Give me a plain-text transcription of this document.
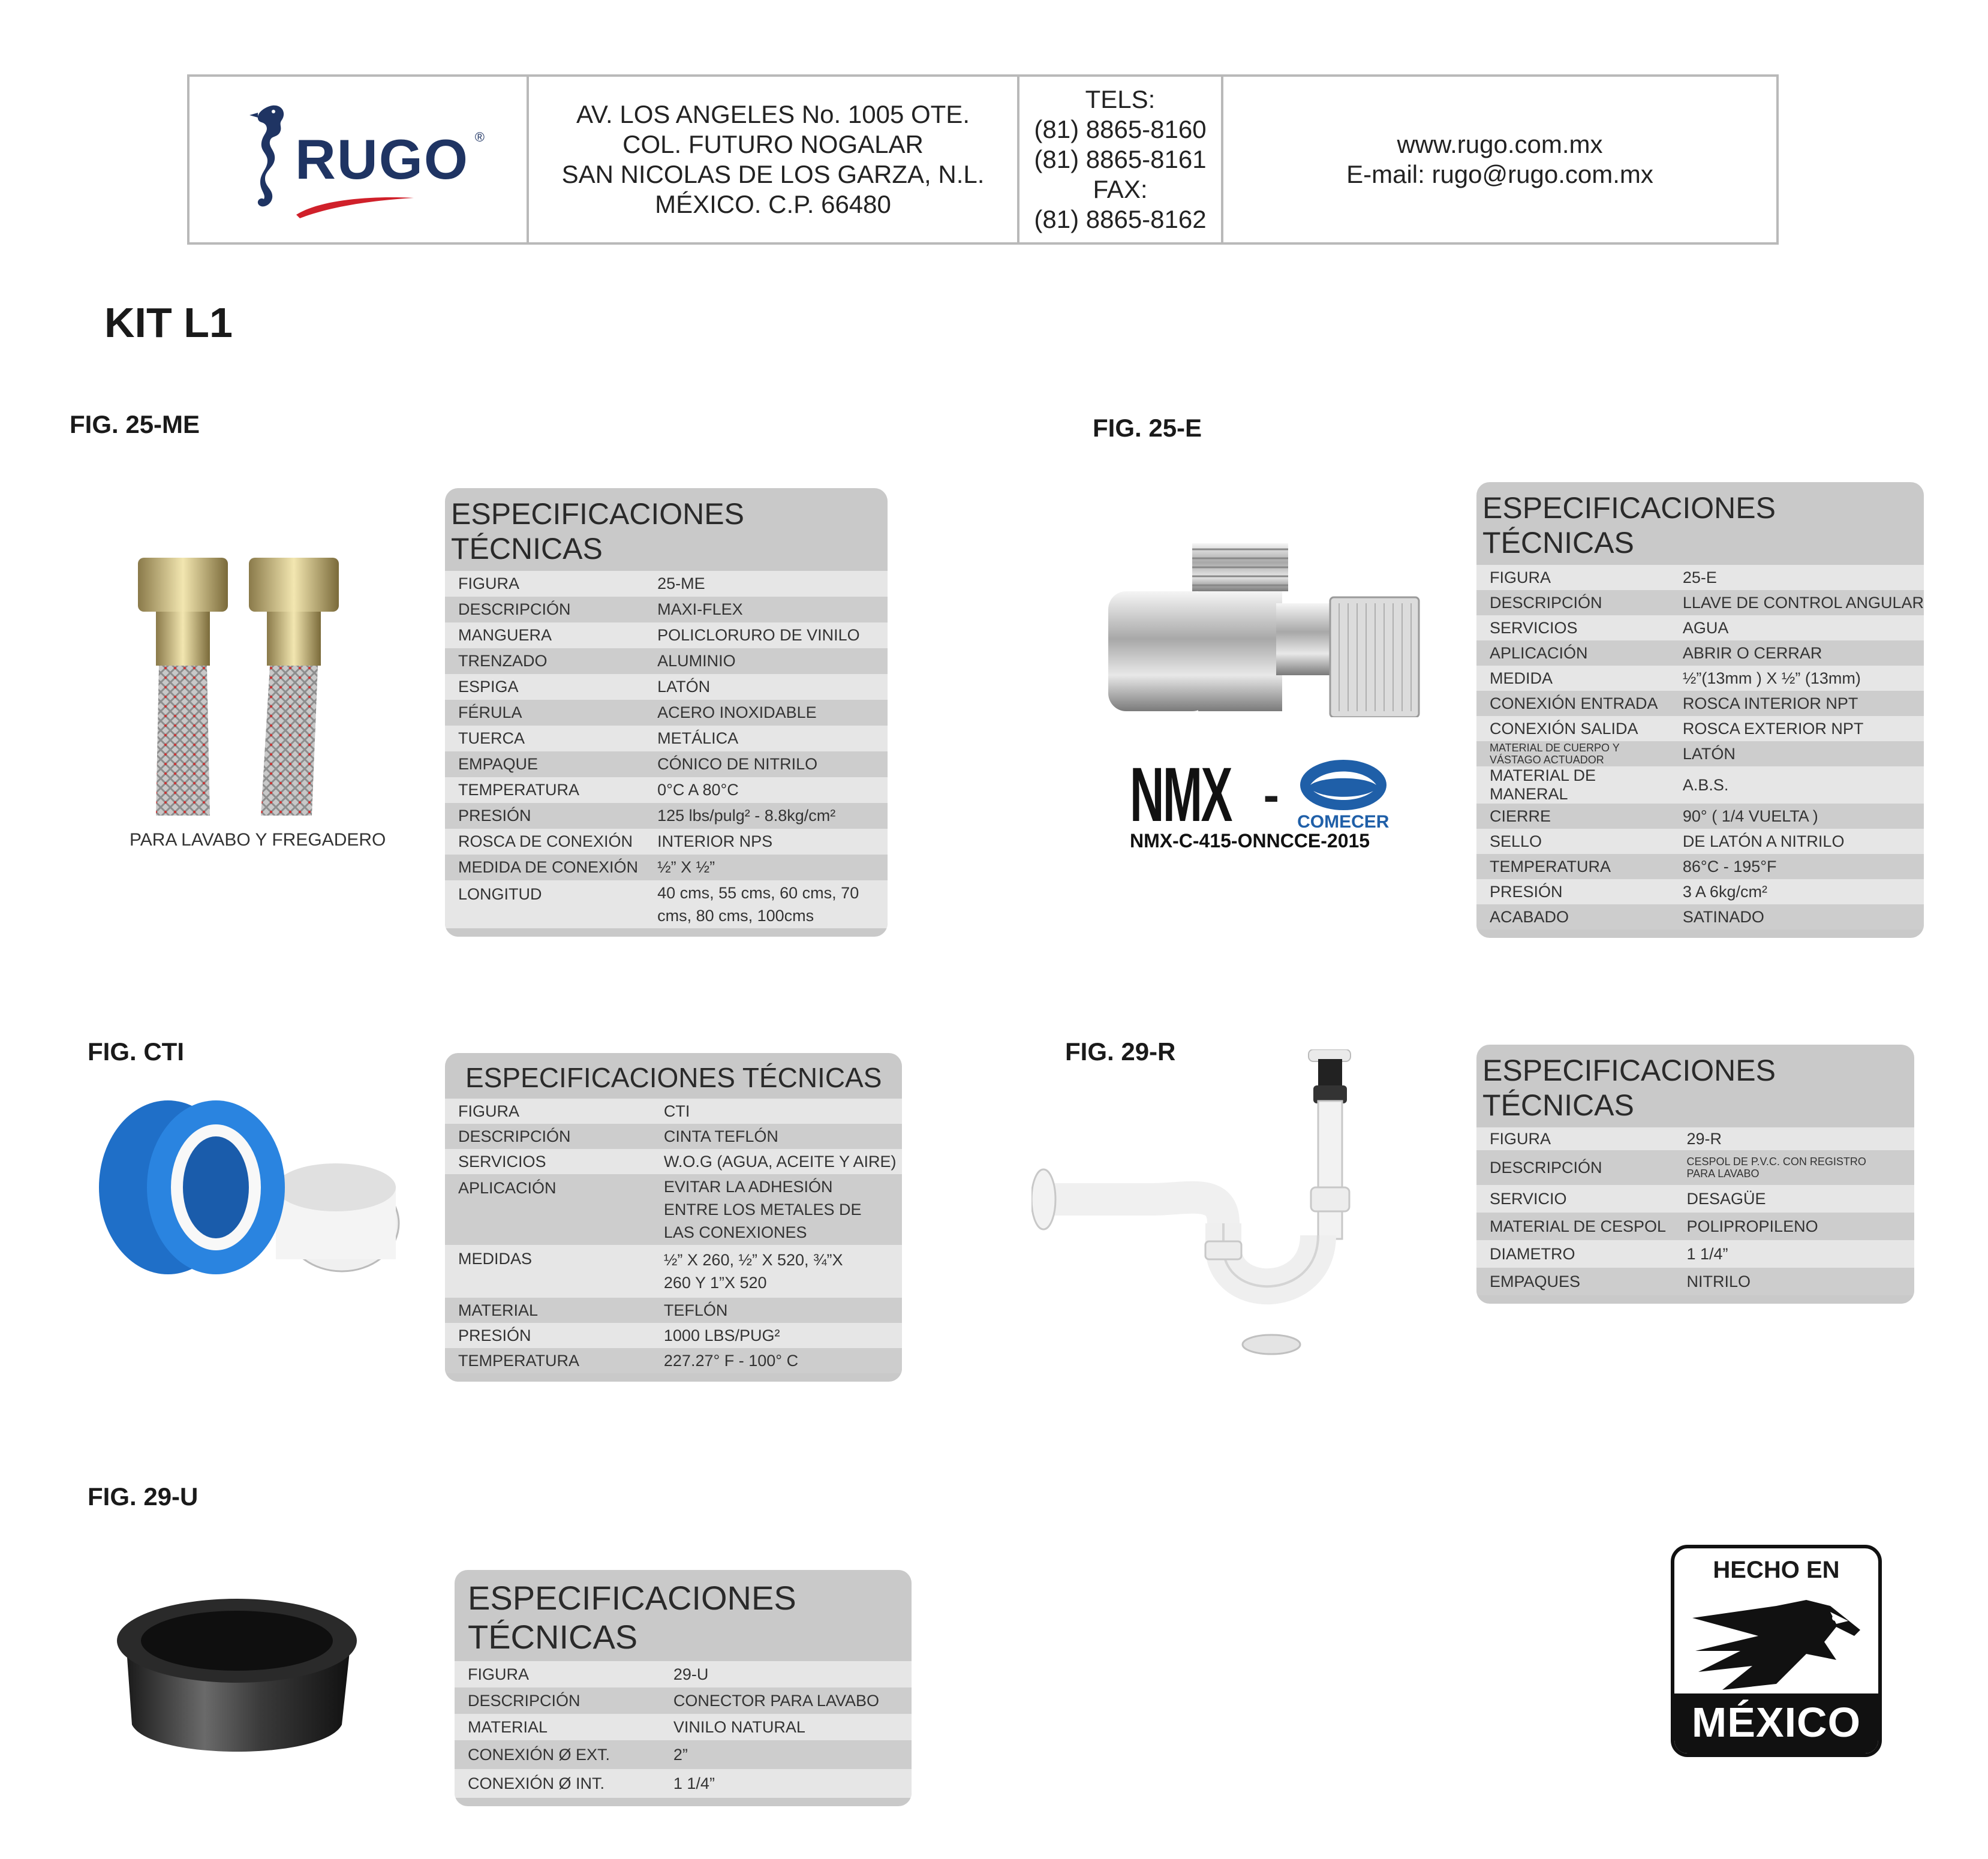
RUGO ®
AV. LOS ANGELES No. 1005 OTE.
COL. FUTURO NOGALAR
SAN NICOLAS DE LOS GARZA, N.L.
MÉXICO. C.P. 66480
TELS:
(81) 8865-8160
(81) 8865-8161
FAX:
(81) 8865-8162
www.rugo.com.mx
E-mail: rugo@rugo.com.mx
KIT L1
FIG. 25-ME
PARA LAVABO Y FREGADERO
ESPECIFICACIONES TÉCNICAS
FIGURA	25-ME
DESCRIPCIÓN	MAXI-FLEX
MANGUERA	POLICLORURO DE VINILO
TRENZADO	ALUMINIO
ESPIGA	LATÓN
FÉRULA	ACERO INOXIDABLE
TUERCA	METÁLICA
EMPAQUE	CÓNICO DE NITRILO
TEMPERATURA	0°C A 80°C
PRESIÓN	125 lbs/pulg² - 8.8kg/cm²
ROSCA DE CONEXIÓN	INTERIOR NPS
MEDIDA DE CONEXIÓN	½” X ½”
LONGITUD	40 cms, 55 cms, 60 cms, 70 cms, 80 cms, 100cms
FIG. 25-E
NMX -
COMECER
NMX-C-415-ONNCCE-2015
ESPECIFICACIONES TÉCNICAS
FIGURA	25-E
DESCRIPCIÓN	LLAVE DE CONTROL ANGULAR
SERVICIOS	AGUA
APLICACIÓN	ABRIR O CERRAR
MEDIDA	½”(13mm ) X ½” (13mm)
CONEXIÓN ENTRADA	ROSCA INTERIOR NPT
CONEXIÓN SALIDA	ROSCA EXTERIOR NPT
MATERIAL DE CUERPO Y VÁSTAGO ACTUADOR	LATÓN
MATERIAL DE MANERAL	A.B.S.
CIERRE	90° ( 1/4 VUELTA )
SELLO	DE LATÓN A NITRILO
TEMPERATURA	86°C - 195°F
PRESIÓN	3 A 6kg/cm²
ACABADO	SATINADO
FIG. CTI
ESPECIFICACIONES TÉCNICAS
FIGURA	CTI
DESCRIPCIÓN	CINTA TEFLÓN
SERVICIOS	W.O.G (AGUA, ACEITE Y AIRE)
APLICACIÓN	EVITAR LA ADHESIÓN ENTRE LOS METALES DE LAS CONEXIONES
MEDIDAS	½” X 260, ½” X 520, ¾”X 260 Y 1”X 520
MATERIAL	TEFLÓN
PRESIÓN	1000 LBS/PUG²
TEMPERATURA	227.27° F - 100° C
FIG. 29-R
ESPECIFICACIONES TÉCNICAS
FIGURA	29-R
DESCRIPCIÓN	CESPOL DE P.V.C. CON REGISTRO PARA LAVABO
SERVICIO	DESAGÜE
MATERIAL DE CESPOL	POLIPROPILENO
DIAMETRO	1 1/4”
EMPAQUES	NITRILO
FIG. 29-U
ESPECIFICACIONES TÉCNICAS
FIGURA	29-U
DESCRIPCIÓN	CONECTOR PARA LAVABO
MATERIAL	VINILO NATURAL
CONEXIÓN Ø EXT.	2”
CONEXIÓN Ø INT.	1 1/4”
HECHO EN
MÉXICO
